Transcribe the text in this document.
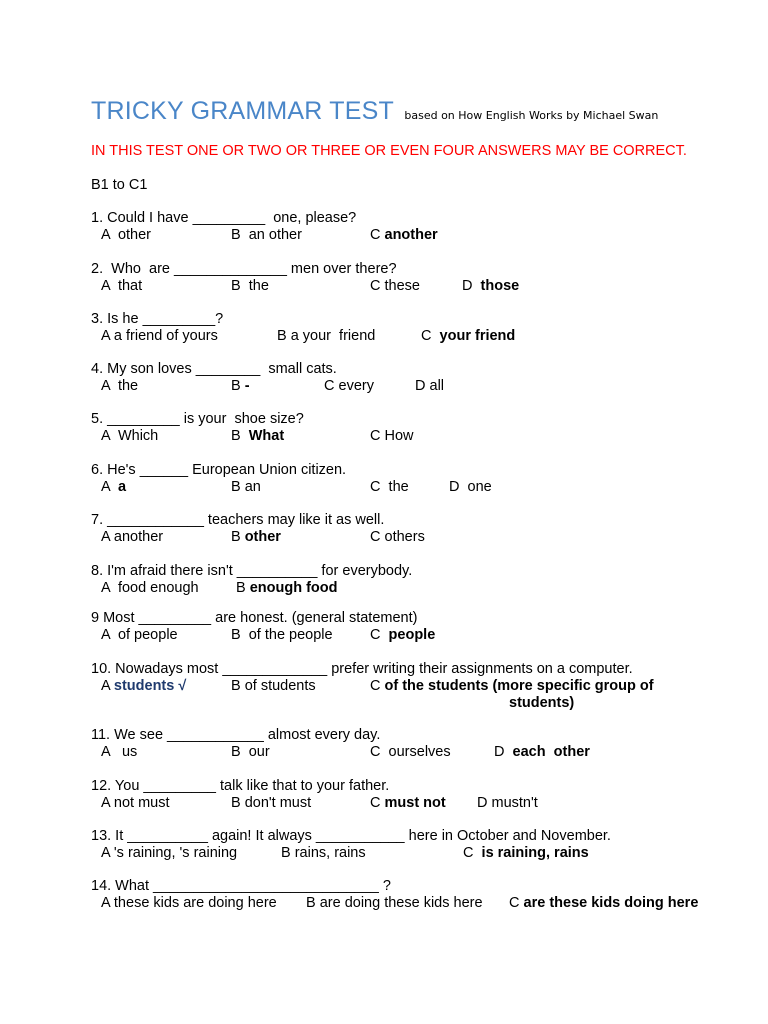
TRICKY GRAMMAR TEST based on How English Works by Michael Swan
IN THIS TEST ONE OR TWO OR THREE OR EVEN FOUR ANSWERS MAY BE CORRECT.
B1 to C1
1. Could I have _________  one, please?
A other	B an other	C another
2.  Who  are ______________ men over there?
A that	B the	C these	D those
3. Is he _________?
A a friend of yours	B a your  friend	C your friend
4. My son loves ________  small cats.
A the	B -	C every	D all
5. _________ is your  shoe size?
A Which	B What	C How
6. He's ______ European Union citizen.
A a	B an	C the	D one
7. ____________ teachers may like it as well.
A another	B other	C others
8. I'm afraid there isn't __________ for everybody.
A food enough	B enough food
9 Most _________ are honest. (general statement)
A of people	B of the people	C people
10. Nowadays most _____________ prefer writing their assignments on a computer.
A students √	B of students	C of the students (more specific group of
students)
11. We see ____________ almost every day.
A us	B our	C ourselves	D each  other
12. You _________ talk like that to your father.
A not must	B don't must	C must not D mustn't
13. It __________ again! It always ___________ here in October and November.
A 's raining, 's raining	B rains, rains	C is raining, rains
14. What ____________________________ ?
A these kids are doing here B are doing these kids here C are these kids doing here
